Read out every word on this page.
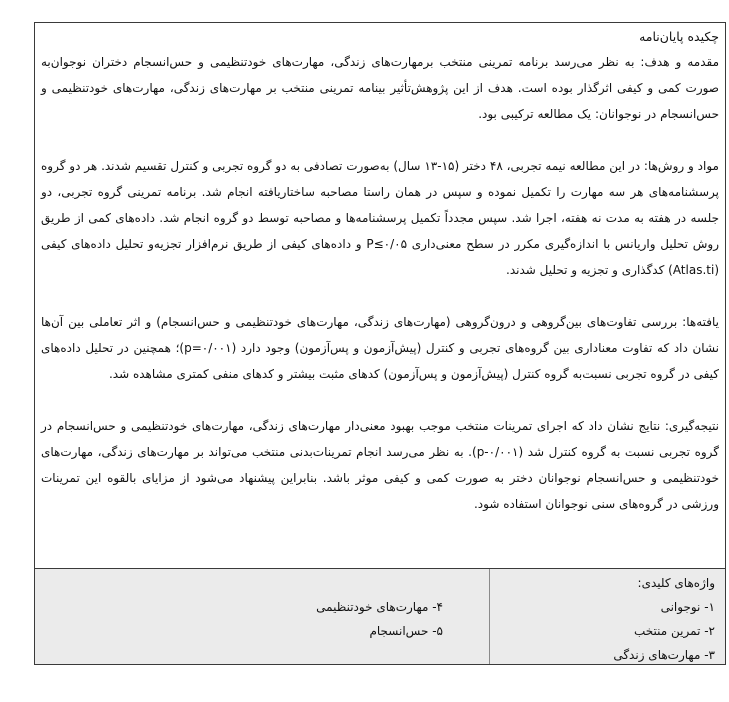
چکیده پایان‌نامه

مقدمه و هدف: به نظر می‌رسد برنامه تمرینی منتخب برمهارت‌های زندگی، مهارت‌های خودتنظیمی و حس‌انسجام دختران نوجوان‌به صورت کمی و کیفی اثرگذار بوده است. هدف از این پژوهش‌تأثیر بینامه تمرینی منتخب بر مهارت‌های زندگی، مهارت‌های خودتنظیمی و حس‌انسجام در نوجوانان: یک مطالعه ترکیبی بود.

مواد و روش‌ها: در این مطالعه نیمه تجربی، ۴۸ دختر (۱۵-۱۳ سال) به‌صورت تصادفی به دو گروه تجربی و کنترل تقسیم شدند. هر دو گروه پرسشنامه‌های هر سه مهارت را تکمیل نموده و سپس در همان راستا مصاحبه ساختاریافته انجام شد. برنامه تمرینی گروه تجربی، دو جلسه در هفته به مدت نه هفته، اجرا شد. سپس مجدداً تکمیل پرسشنامه‌ها و مصاحبه توسط دو گروه انجام شد. داده‌های کمی از طریق روش تحلیل واریانس با اندازه‌گیری مکرر در سطح معنی‌داری P≤۰/۰۵ و داده‌های کیفی از طریق نرم‌افزار تجزیه‌و تحلیل داده‌های کیفی (Atlas.ti) کدگذاری و تجزیه و تحلیل شدند.

یافته‌ها: بررسی تفاوت‌های بین‌گروهی و درون‌گروهی (مهارت‌های زندگی، مهارت‌های خودتنظیمی و حس‌انسجام) و اثر تعاملی بین آن‌ها نشان داد که تفاوت معناداری بین گروه‌های تجربی و کنترل (پیش‌آزمون و پس‌آزمون) وجود دارد (p=۰/۰۰۱)؛ همچنین در تحلیل داده‌های کیفی در گروه تجربی نسبت‌به گروه کنترل (پیش‌آزمون و پس‌آزمون) کدهای مثبت بیشتر و کدهای منفی کمتری مشاهده شد.

نتیجه‌گیری: نتایج نشان داد که اجرای تمرینات منتخب موجب بهبود معنی‌دار مهارت‌های زندگی، مهارت‌های خودتنظیمی و حس‌انسجام در گروه تجربی نسبت به گروه کنترل شد (p-۰/۰۰۱). به نظر می‌رسد انجام تمرینات‌بدنی منتخب می‌تواند بر مهارت‌های زندگی، مهارت‌های خودتنظیمی و حس‌انسجام نوجوانان دختر به صورت کمی و کیفی موثر باشد. بنابراین پیشنهاد می‌شود از مزایای بالقوه این تمرینات ورزشی در گروه‌های سنی نوجوانان استفاده شود.

واژه‌های کلیدی:
۱- نوجوانی
۲- تمرین منتخب
۳- مهارت‌های زندگی
۴- مهارت‌های خودتنظیمی
۵- حس‌انسجام
